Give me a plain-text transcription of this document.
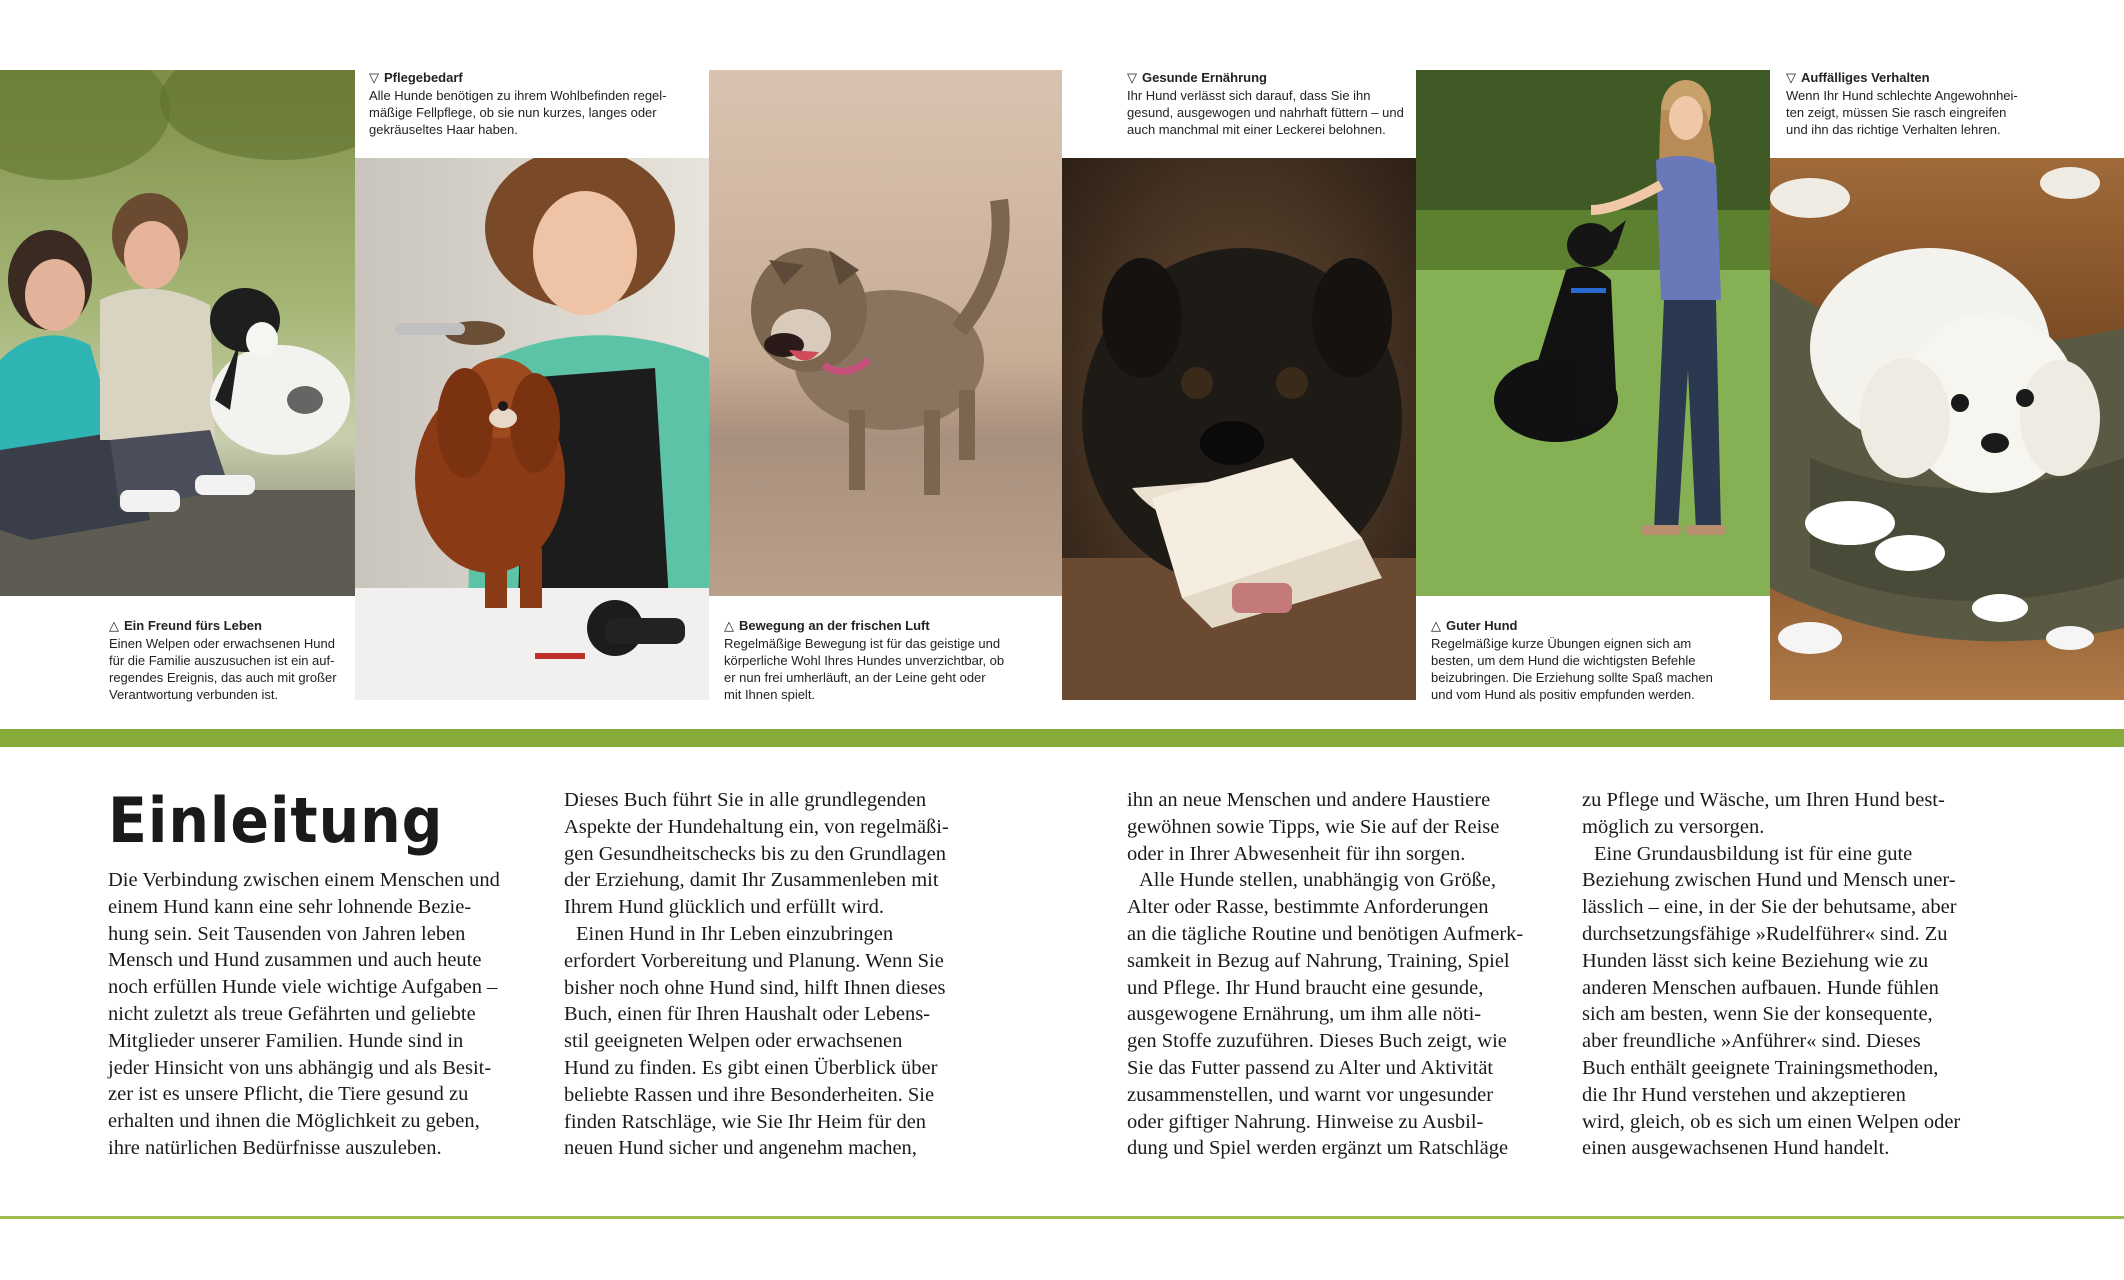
△ Ein Freund fürs Leben
Einen Welpen oder erwachsenen Hund
für die Familie auszusuchen ist ein auf-
regendes Ereignis, das auch mit großer
Verantwortung verbunden ist.
▽ Pflegebedarf
Alle Hunde benötigen zu ihrem Wohlbefinden regel-
mäßige Fellpflege, ob sie nun kurzes, langes oder
gekräuseltes Haar haben.
△ Bewegung an der frischen Luft
Regelmäßige Bewegung ist für das geistige und
körperliche Wohl Ihres Hundes unverzichtbar, ob
er nun frei umherläuft, an der Leine geht oder
mit Ihnen spielt.
▽ Gesunde Ernährung
Ihr Hund verlässt sich darauf, dass Sie ihn
gesund, ausgewogen und nahrhaft füttern – und
auch manchmal mit einer Leckerei belohnen.
△ Guter Hund
Regelmäßige kurze Übungen eignen sich am
besten, um dem Hund die wichtigsten Befehle
beizubringen. Die Erziehung sollte Spaß machen
und vom Hund als positiv empfunden werden.
▽ Auffälliges Verhalten
Wenn Ihr Hund schlechte Angewohnhei-
ten zeigt, müssen Sie rasch eingreifen
und ihn das richtige Verhalten lehren.
Einleitung

Die Verbindung zwischen einem Menschen und
einem Hund kann eine sehr lohnende Bezie-
hung sein. Seit Tausenden von Jahren leben
Mensch und Hund zusammen und auch heute
noch erfüllen Hunde viele wichtige Aufgaben –
nicht zuletzt als treue Gefährten und geliebte
Mitglieder unserer Familien. Hunde sind in
jeder Hinsicht von uns abhängig und als Besit-
zer ist es unsere Pflicht, die Tiere gesund zu
erhalten und ihnen die Möglichkeit zu geben,
ihre natürlichen Bedürfnisse auszuleben.

Dieses Buch führt Sie in alle grundlegenden
Aspekte der Hundehaltung ein, von regelmäßi-
gen Gesundheitschecks bis zu den Grundlagen
der Erziehung, damit Ihr Zusammenleben mit
Ihrem Hund glücklich und erfüllt wird.

Einen Hund in Ihr Leben einzubringen
erfordert Vorbereitung und Planung. Wenn Sie
bisher noch ohne Hund sind, hilft Ihnen dieses
Buch, einen für Ihren Haushalt oder Lebens-
stil geeigneten Welpen oder erwachsenen
Hund zu finden. Es gibt einen Überblick über
beliebte Rassen und ihre Besonderheiten. Sie
finden Ratschläge, wie Sie Ihr Heim für den
neuen Hund sicher und angenehm machen,

ihn an neue Menschen und andere Haustiere
gewöhnen sowie Tipps, wie Sie auf der Reise
oder in Ihrer Abwesenheit für ihn sorgen.

Alle Hunde stellen, unabhängig von Größe,
Alter oder Rasse, bestimmte Anforderungen
an die tägliche Routine und benötigen Aufmerk-
samkeit in Bezug auf Nahrung, Training, Spiel
und Pflege. Ihr Hund braucht eine gesunde,
ausgewogene Ernährung, um ihm alle nöti-
gen Stoffe zuzuführen. Dieses Buch zeigt, wie
Sie das Futter passend zu Alter und Aktivität
zusammenstellen, und warnt vor ungesunder
oder giftiger Nahrung. Hinweise zu Ausbil-
dung und Spiel werden ergänzt um Ratschläge

zu Pflege und Wäsche, um Ihren Hund best-
möglich zu versorgen.

Eine Grundausbildung ist für eine gute
Beziehung zwischen Hund und Mensch uner-
lässlich – eine, in der Sie der behutsame, aber
durchsetzungsfähige »Rudelführer« sind. Zu
Hunden lässt sich keine Beziehung wie zu
anderen Menschen aufbauen. Hunde fühlen
sich am besten, wenn Sie der konsequente,
aber freundliche »Anführer« sind. Dieses
Buch enthält geeignete Trainingsmethoden,
die Ihr Hund verstehen und akzeptieren
wird, gleich, ob es sich um einen Welpen oder
einen ausgewachsenen Hund handelt.
